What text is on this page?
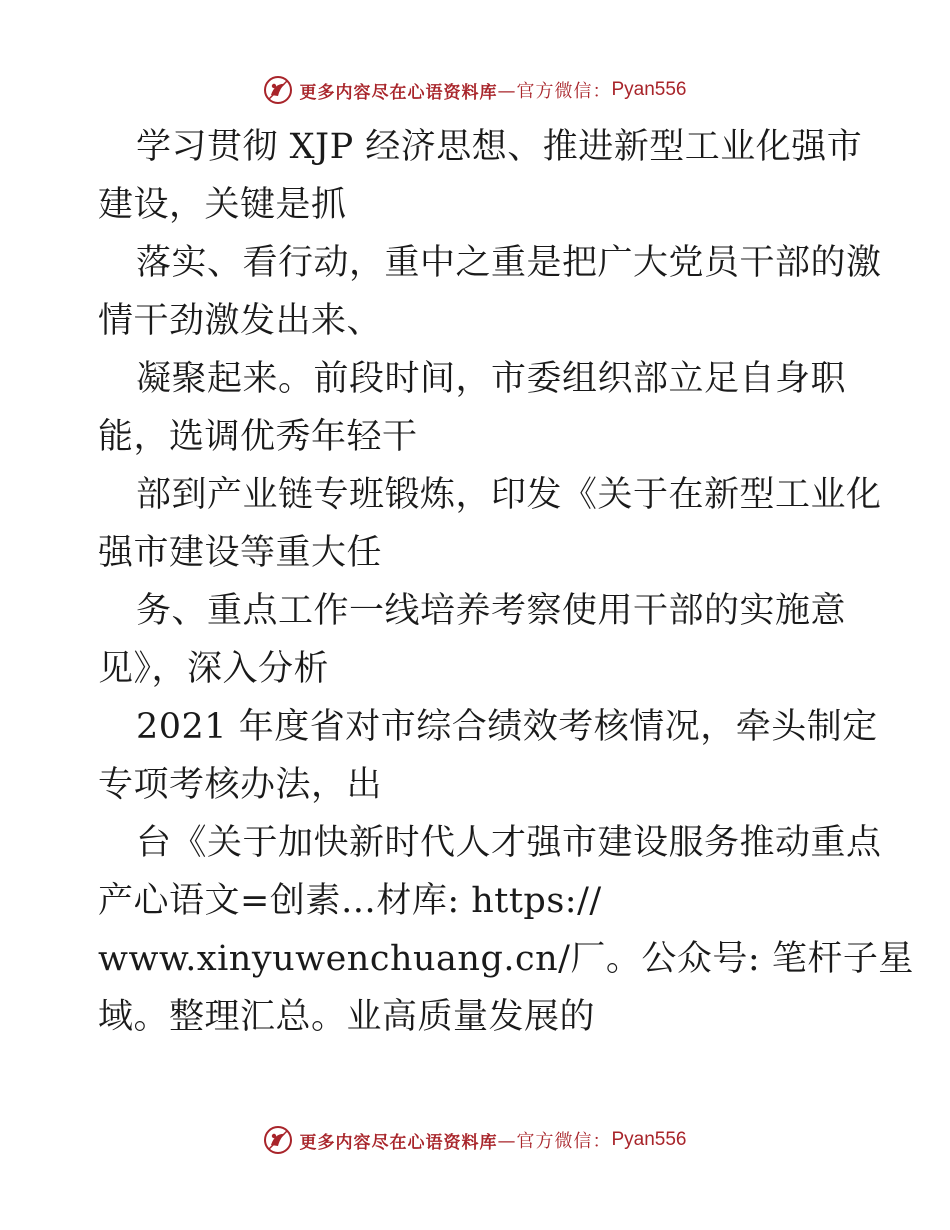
更多内容尽在心语资料库 —官方微信： Pyan556
学习贯彻 XJP 经济思想、推进新型工业化强市
建设，关键是抓
落实、看行动，重中之重是把广大党员干部的激
情干劲激发出来、
凝聚起来。前段时间，市委组织部立足自身职
能，选调优秀年轻干
部到产业链专班锻炼，印发《关于在新型工业化
强市建设等重大任
务、重点工作一线培养考察使用干部的实施意
见》，深入分析
2021 年度省对市综合绩效考核情况，牵头制定
专项考核办法，出
台《关于加快新时代人才强市建设服务推动重点
产心语文=创素…材库: https://
www.xinyuwenchuang.cn/厂。公众号: 笔杆子星
域。整理汇总。业高质量发展的
更多内容尽在心语资料库 —官方微信： Pyan556
